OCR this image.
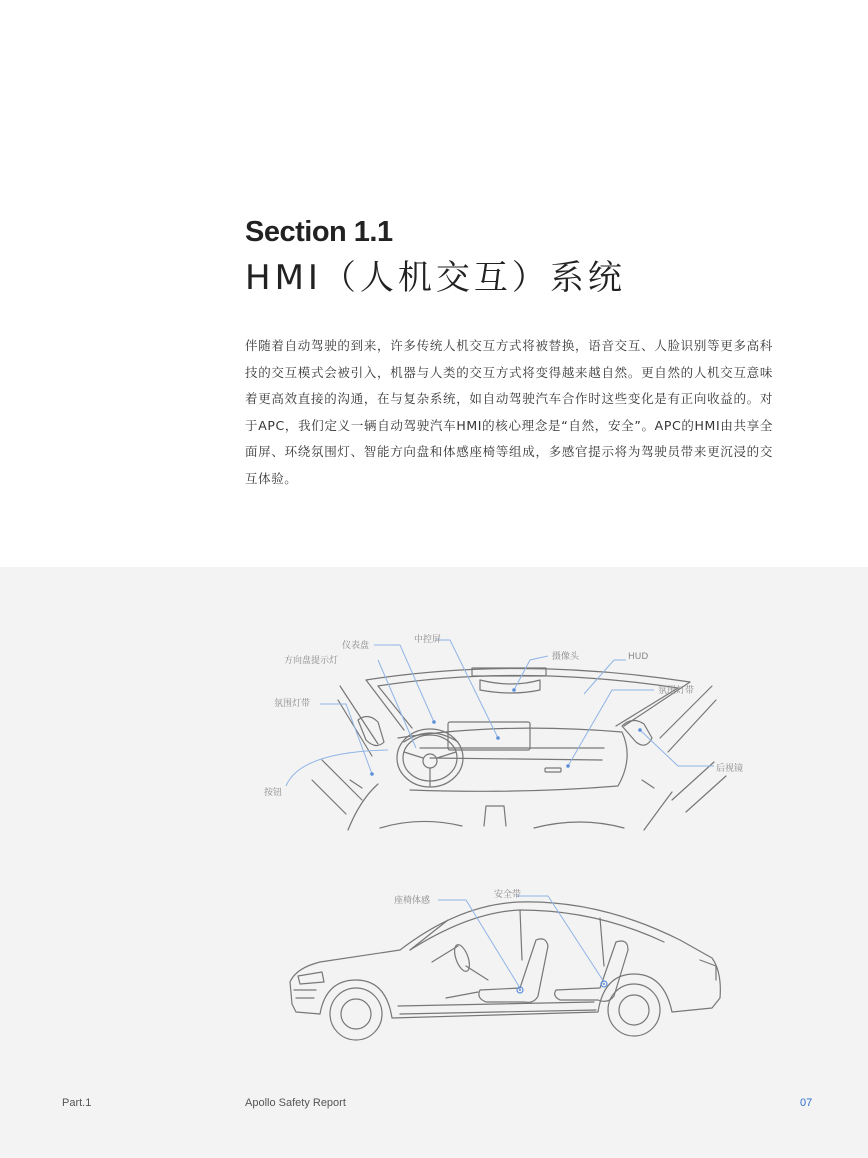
Section 1.1
HMI（人机交互）系统
伴随着自动驾驶的到来，许多传统人机交互方式将被替换，语音交互、人脸识别等更多高科技的交互模式会被引入，机器与人类的交互方式将变得越来越自然。更自然的人机交互意味着更高效直接的沟通，在与复杂系统，如自动驾驶汽车合作时这些变化是有正向收益的。对于APC，我们定义一辆自动驾驶汽车HMI的核心理念是“自然，安全”。APC的HMI由共享全面屏、环绕氛围灯、智能方向盘和体感座椅等组成，多感官提示将为驾驶员带来更沉浸的交互体验。
仪表盘
中控屏
摄像头	HUD
方向盘提示灯
氛围灯带
氛围灯带
后视镜
按钮
座椅体感
安全带
Part.1	Apollo Safety Report	07
